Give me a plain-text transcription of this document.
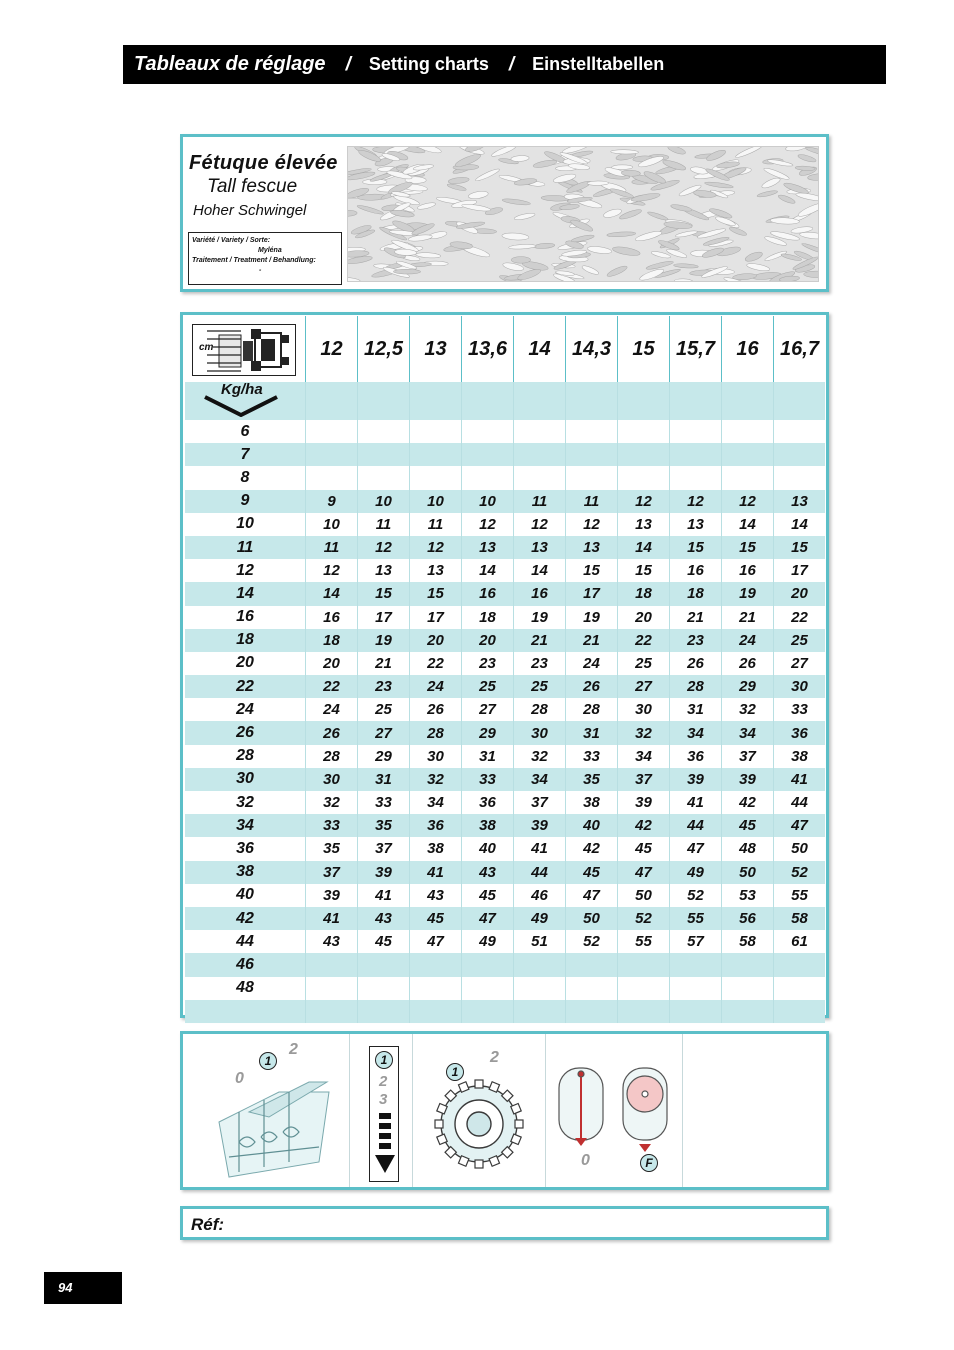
Tableaux de réglage / Setting charts / Einstelltabellen
Fétuque élevée
Tall fescue
Hoher Schwingel
Variété / Variety / Sorte:
Myléna
Traitement / Treatment / Behandlung:
-
12	12,5	13	13,6	14	14,3	15	15,7	16	16,7
6
7
8
9	9	10	10	10	11	11	12	12	12	13
10	10	11	11	12	12	12	13	13	14	14
11	11	12	12	13	13	13	14	15	15	15
12	12	13	13	14	14	15	15	16	16	17
14	14	15	15	16	16	17	18	18	19	20
16	16	17	17	18	19	19	20	21	21	22
18	18	19	20	20	21	21	22	23	24	25
20	20	21	22	23	23	24	25	26	26	27
22	22	23	24	25	25	26	27	28	29	30
24	24	25	26	27	28	28	30	31	32	33
26	26	27	28	29	30	31	32	34	34	36
28	28	29	30	31	32	33	34	36	37	38
30	30	31	32	33	34	35	37	39	39	41
32	32	33	34	36	37	38	39	41	42	44
34	33	35	36	38	39	40	42	44	45	47
36	35	37	38	40	41	42	45	47	48	50
38	37	39	41	43	44	45	47	49	50	52
40	39	41	43	45	46	47	50	52	53	55
42	41	43	45	47	49	50	52	55	56	58
44	43	45	47	49	51	52	55	57	58	61
46
48
cm
Kg/ha
0
1
2
1
2
3
1
2
0	F
Réf:
94
